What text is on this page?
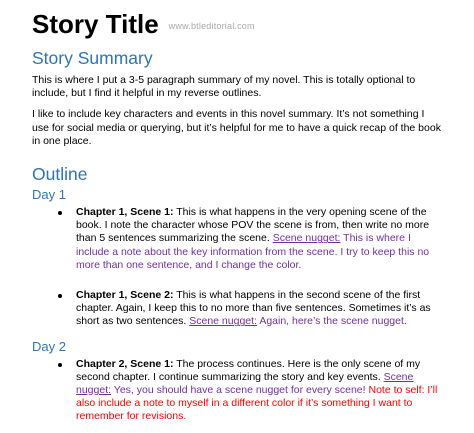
Story Title www.btleditorial.com
Story Summary

This is where I put a 3-5 paragraph summary of my novel. This is totally optional to include, but I find it helpful in my reverse outlines.

I like to include key characters and events in this novel summary. It’s not something I use for social media or querying, but it’s helpful for me to have a quick recap of the book in one place.

Outline
Day 1
Chapter 1, Scene 1: This is what happens in the very opening scene of the book. I note the character whose POV the scene is from, then write no more than 5 sentences summarizing the scene. Scene nugget: This is where I include a note about the key information from the scene. I try to keep this no more than one sentence, and I change the color.
Chapter 1, Scene 2: This is what happens in the second scene of the first chapter. Again, I keep this to no more than five sentences. Sometimes it’s as short as two sentences. Scene nugget: Again, here’s the scene nugget.
Day 2
Chapter 2, Scene 1: The process continues. Here is the only scene of my second chapter. I continue summarizing the story and key events. Scene nugget: Yes, you should have a scene nugget for every scene! Note to self: I’ll also include a note to myself in a different color if it’s something I want to remember for revisions.
